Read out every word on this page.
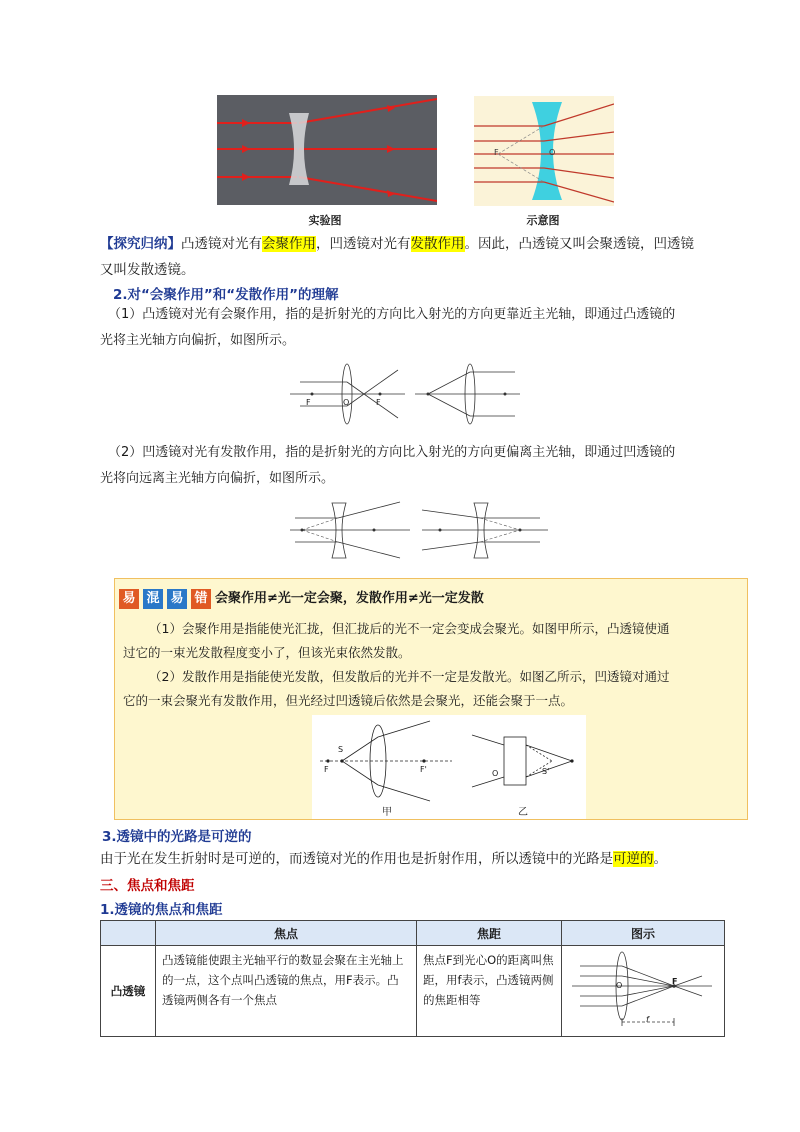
F	O
实验图	示意图
【探究归纳】凸透镜对光有会聚作用，凹透镜对光有发散作用。因此，凸透镜又叫会聚透镜，凹透镜
又叫发散透镜。
2.对“会聚作用”和“发散作用”的理解
（1）凸透镜对光有会聚作用，指的是折射光的方向比入射光的方向更靠近主光轴，即通过凸透镜的
光将主光轴方向偏折，如图所示。
F	F
O
（2）凹透镜对光有发散作用，指的是折射光的方向比入射光的方向更偏离主光轴，即通过凹透镜的
光将向远离主光轴方向偏折，如图所示。
易 混 易 错 会聚作用≠光一定会聚，发散作用≠光一定发散
（1）会聚作用是指能使光汇拢，但汇拢后的光不一定会变成会聚光。如图甲所示，凸透镜使通
过它的一束光发散程度变小了，但该光束依然发散。
（2）发散作用是指能使光发散，但发散后的光并不一定是发散光。如图乙所示，凹透镜对通过
它的一束会聚光有发散作用，但光经过凹透镜后依然是会聚光，还能会聚于一点。
S
F	F'	O	S'
甲	乙
3.透镜中的光路是可逆的
由于光在发生折射时是可逆的，而透镜对光的作用也是折射作用，所以透镜中的光路是可逆的。
三、焦点和焦距
1.透镜的焦点和焦距
	焦点	焦距	图示
凸透镜	凸透镜能使跟主光轴平行的数显会聚在主光轴上的一点，这个点叫凸透镜的焦点，用F表示。凸透镜两侧各有一个焦点	焦点F到光心O的距离叫焦距，用f表示，凸透镜两侧的焦距相等	O F
f
